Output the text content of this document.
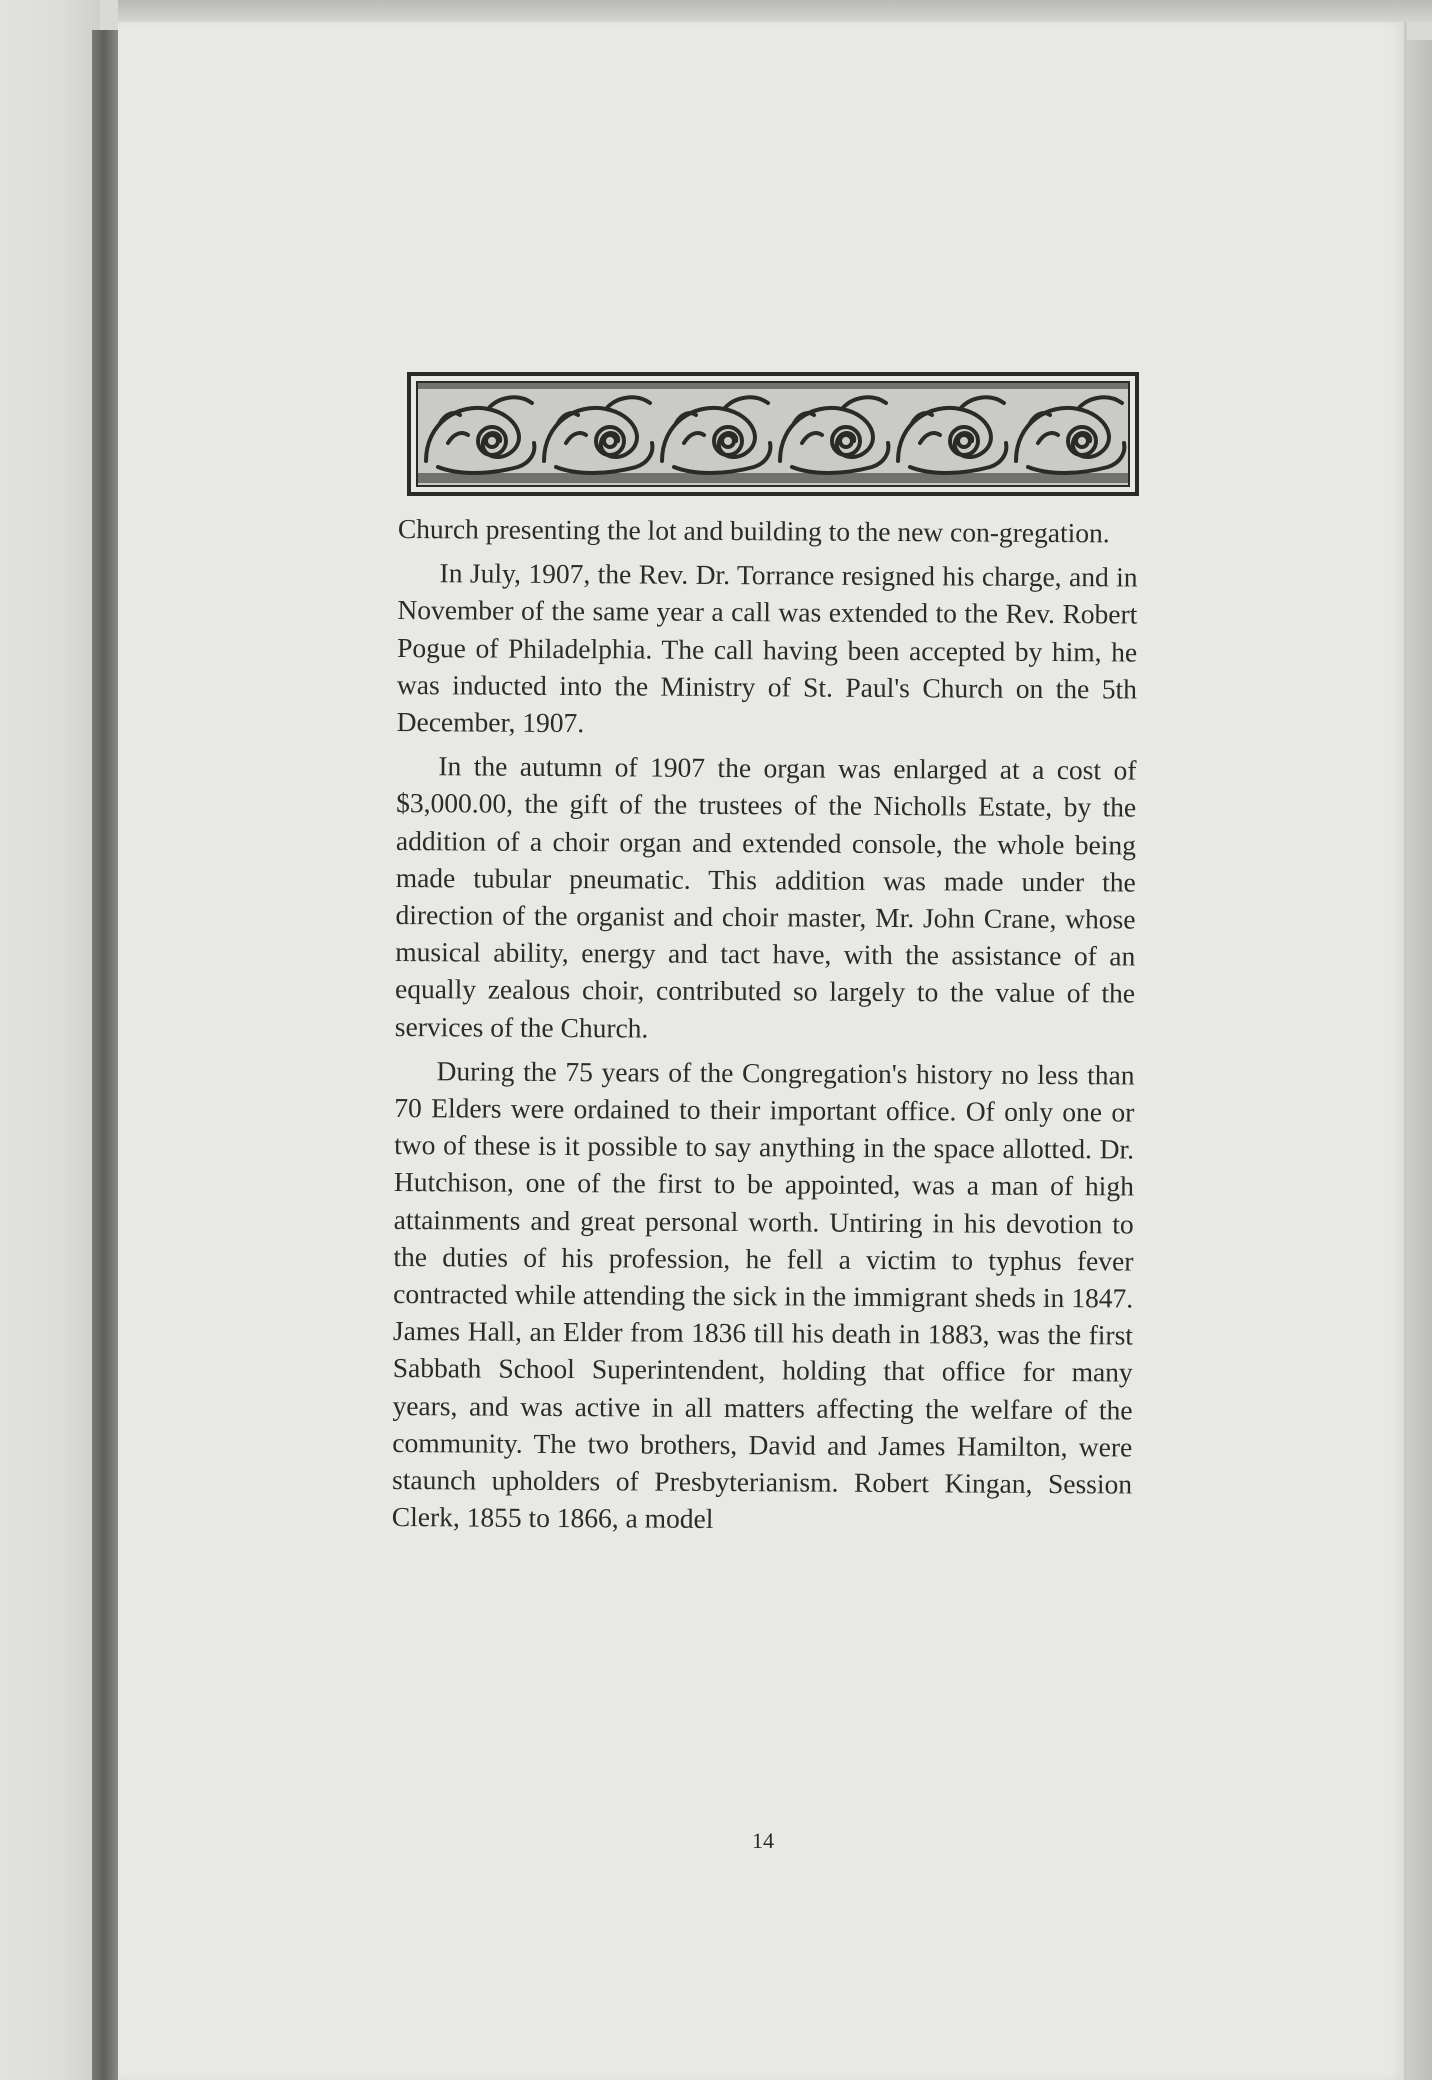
Church presenting the lot and building to the new con-gregation.

In July, 1907, the Rev. Dr. Torrance resigned his charge, and in November of the same year a call was extended to the Rev. Robert Pogue of Philadelphia. The call having been accepted by him, he was inducted into the Ministry of St. Paul's Church on the 5th December, 1907.

In the autumn of 1907 the organ was enlarged at a cost of $3,000.00, the gift of the trustees of the Nicholls Estate, by the addition of a choir organ and extended console, the whole being made tubular pneumatic. This addition was made under the direction of the organist and choir master, Mr. John Crane, whose musical ability, energy and tact have, with the assistance of an equally zealous choir, contributed so largely to the value of the services of the Church.

During the 75 years of the Congregation's history no less than 70 Elders were ordained to their important office. Of only one or two of these is it possible to say anything in the space allotted. Dr. Hutchison, one of the first to be appointed, was a man of high attainments and great personal worth. Untiring in his devotion to the duties of his profession, he fell a victim to typhus fever contracted while attending the sick in the immigrant sheds in 1847. James Hall, an Elder from 1836 till his death in 1883, was the first Sabbath School Superintendent, holding that office for many years, and was active in all matters affecting the welfare of the community. The two brothers, David and James Hamilton, were staunch upholders of Presbyterianism. Robert Kingan, Session Clerk, 1855 to 1866, a model

14
